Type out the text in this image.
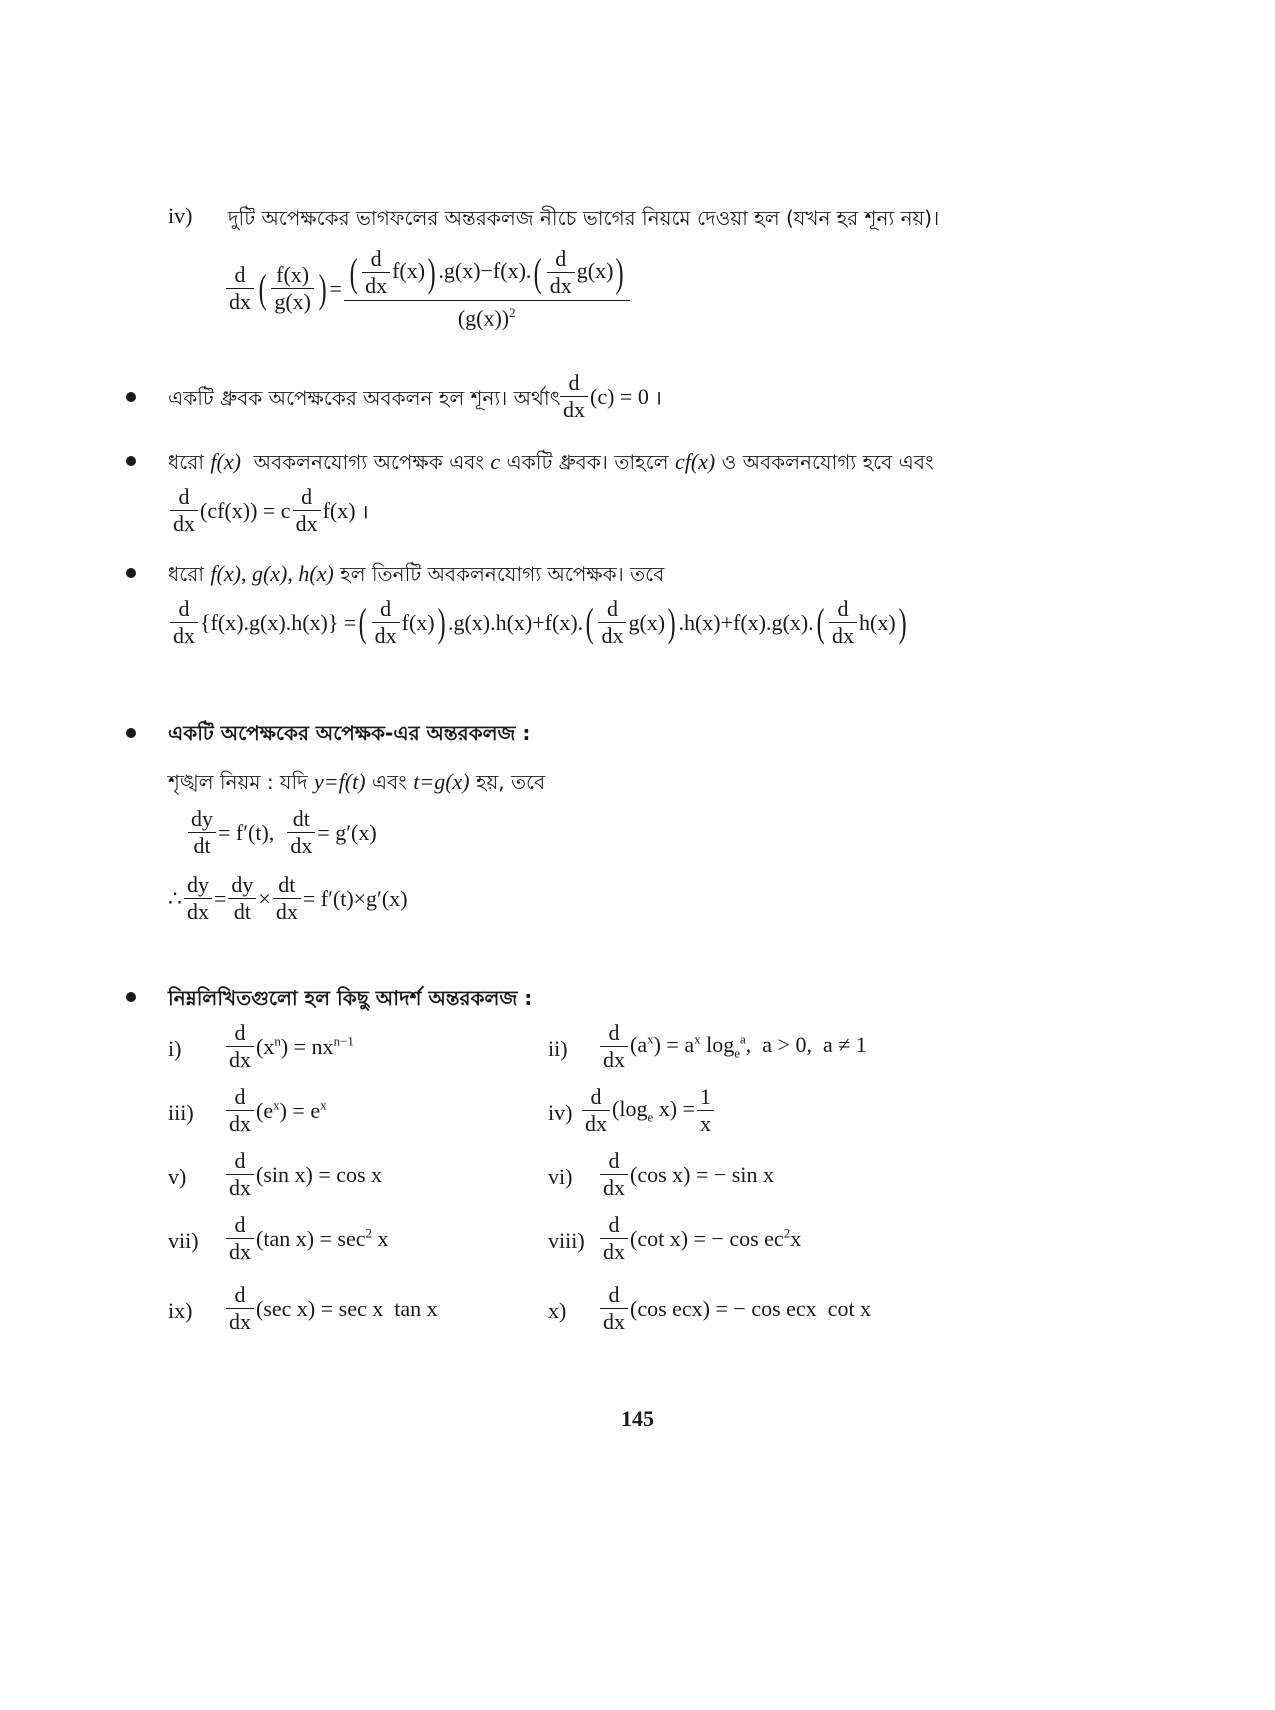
iv) দুটি অপেক্ষকের ভাগফলের অন্তরকলজ নীচে ভাগের নিয়মে দেওয়া হল (যখন হর শূন্য নয়)।
$\frac{d}{dx}$ ( $\frac{f(x)}{g(x)}$ ) = $\frac{( \frac{d}{dx} f(x)) .g(x)-f(x).( \frac{d}{dx} g(x))}{(g(x))^2}$
একটি ধ্রুবক অপেক্ষকের অবকলন হল শূন্য। অর্থাৎ $\frac{d}{dx} (c) = 0$ ।
ধরো f(x) অবকলনযোগ্য অপেক্ষক এবং c একটি ধ্রুবক। তাহলে cf(x) ও অবকলনযোগ্য হবে এবং
$\frac{d}{dx} (cf(x)) = c \frac{d}{dx} f(x)$ ।
ধরো f(x), g(x), h(x) হল তিনটি অবকলনযোগ্য অপেক্ষক। তবে
$\frac{d}{dx} \{f(x).g(x).h(x)\}$ =( $\frac{d}{dx} f(x)$) $.g(x).h(x)+f(x).( \frac{d}{dx} g(x))$ $.h(x)+f(x).g(x).( \frac{d}{dx} h(x))$
একটি অপেক্ষকের অপেক্ষক-এর অন্তরকলজ :
শৃঙ্খল নিয়ম : যদি y=f(t) এবং t=g(x) হয়, তবে
$\frac{dy}{dt} = f'(t)$, $\frac{dt}{dx} = g'(x)$
∴ $\frac{dy}{dx} = \frac{dy}{dt} \times \frac{dt}{dx} = f'(t)\times g'(x)$
নিম্নলিখিতগুলো হল কিছু আদর্শ অন্তরকলজ :
$i) \frac{d}{dx} (x^n) = nx^{n-1}$	$ii) \frac{d}{dx} (a^x) = a^x$ $\log_e^a$,  a > 0,  a ≠ 1
$iii) \frac{d}{dx} (e^x) = e^x$	$iv) \frac{d}{dx} (\log_e$ $x) = \frac{1}{x}$
$v) \frac{d}{dx} (\sin$ x) = cos x	$vi) \frac{d}{dx} (\cos$ x) = − sin x
$vii) \frac{d}{dx} (\tan$ $x) = \sec^2 x$	viii) $\frac{d}{dx} (\cot$ x) = − $\cos ec^2x$
$ix) \frac{d}{dx} (\sec$ x) = sec x  tan x	$x) \frac{d}{dx} (\cos$ ecx) = − cos ecx  cot x
145
